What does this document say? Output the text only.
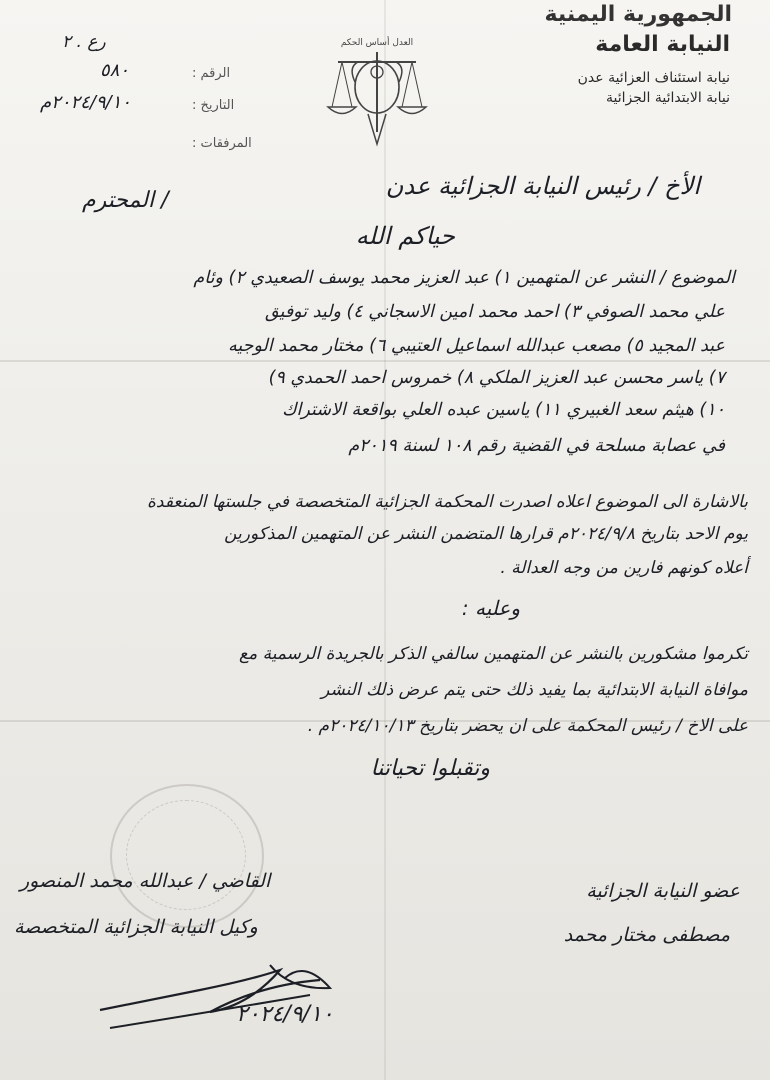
الجمهورية اليمنية
النيابة العامة
نيابة استئناف العزائية عدن
نيابة الابتدائية الجزائية
رع . ٢
الرقم :
٥٨٠
التاريخ :
٢٠٢٤/٩/١٠م
المرفقات :
العدل أساس الحكم
الأخ / رئيس النيابة الجزائية عدن
حياكم الله
/ المحترم
الموضوع / النشر عن المتهمين ١) عبد العزيز محمد يوسف الصعيدي ٢) وئام
علي محمد الصوفي ٣) احمد محمد امين الاسجاني ٤) وليد توفيق
عبد المجيد ٥) مصعب عبدالله اسماعيل العتيبي ٦) مختار محمد الوجيه
٧) ياسر محسن عبد العزيز الملكي ٨) خمروس احمد الحمدي ٩)
١٠) هيثم سعد الغبيري ١١) ياسين عبده العلي بواقعة الاشتراك
في عصابة مسلحة في القضية رقم ١٠٨ لسنة ٢٠١٩م
بالاشارة الى الموضوع اعلاه اصدرت المحكمة الجزائية المتخصصة في جلستها المنعقدة
يوم الاحد بتاريخ ٢٠٢٤/٩/٨م قرارها المتضمن النشر عن المتهمين المذكورين
أعلاه كونهم فارين من وجه العدالة .
وعليه :
تكرموا مشكورين بالنشر عن المتهمين سالفي الذكر بالجريدة الرسمية مع
موافاة النيابة الابتدائية بما يفيد ذلك حتى يتم عرض ذلك النشر
على الاخ / رئيس المحكمة على ان يحضر بتاريخ ٢٠٢٤/١٠/١٣م .
وتقبلوا تحياتنا
عضو النيابة الجزائية
مصطفى مختار محمد
القاضي / عبدالله محمد المنصور
وكيل النيابة الجزائية المتخصصة
٢٠٢٤/٩/١٠
